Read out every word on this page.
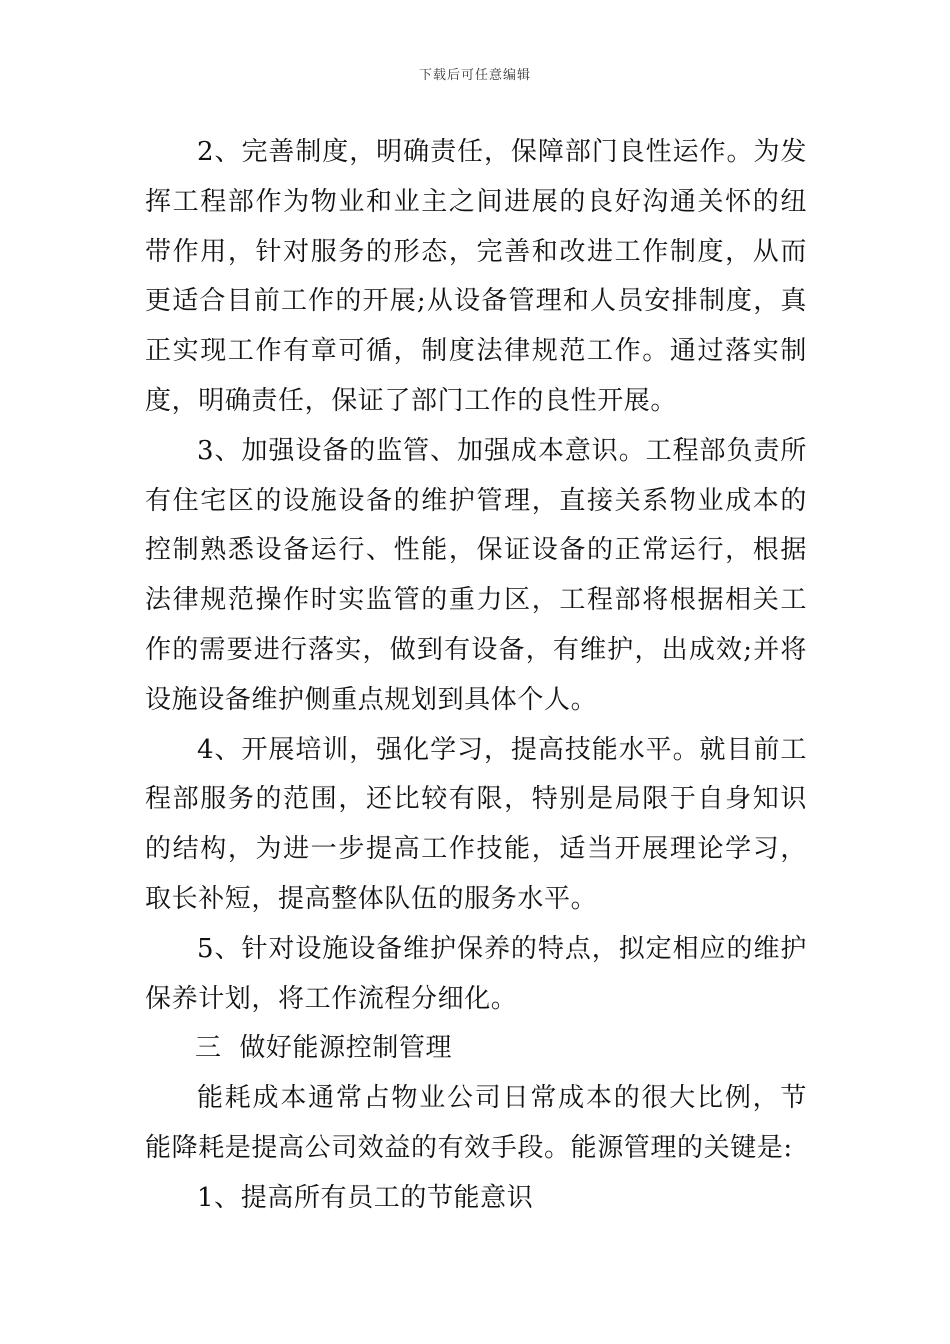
下载后可任意编辑

2、完善制度，明确责任，保障部门良性运作。为发挥工程部作为物业和业主之间进展的良好沟通关怀的纽带作用，针对服务的形态，完善和改进工作制度，从而更适合目前工作的开展;从设备管理和人员安排制度，真正实现工作有章可循，制度法律规范工作。通过落实制度，明确责任，保证了部门工作的良性开展。

3、加强设备的监管、加强成本意识。工程部负责所有住宅区的设施设备的维护管理，直接关系物业成本的控制熟悉设备运行、性能，保证设备的正常运行，根据法律规范操作时实监管的重力区，工程部将根据相关工作的需要进行落实，做到有设备，有维护，出成效;并将设施设备维护侧重点规划到具体个人。

4、开展培训，强化学习，提高技能水平。就目前工程部服务的范围，还比较有限，特别是局限于自身知识的结构，为进一步提高工作技能，适当开展理论学习，取长补短，提高整体队伍的服务水平。

5、针对设施设备维护保养的特点，拟定相应的维护保养计划，将工作流程分细化。

三  做好能源控制管理

能耗成本通常占物业公司日常成本的很大比例，节能降耗是提高公司效益的有效手段。能源管理的关键是:

1、提高所有员工的节能意识
